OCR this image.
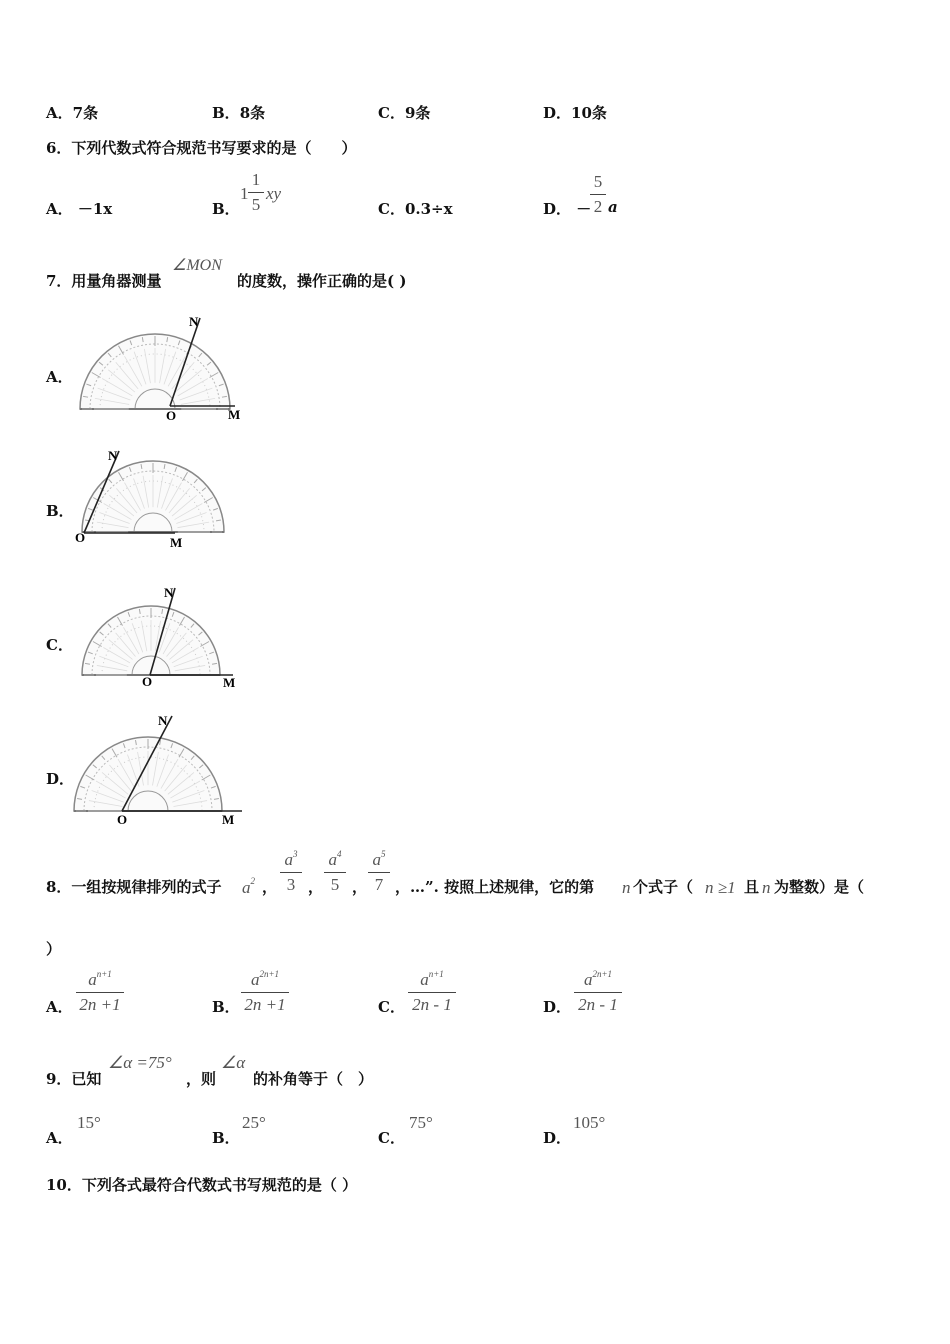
A．7条	B．8条	C．9条	D．10条
6．下列代数式符合规范书写要求的是（　　）
A． －1x	B．
1
1
5
xy
C．0.3÷x	D． －
5
2 a
7．用量角器测量
∠MON
的度数，操作正确的是( )
A．
O	M
N
B．
O	M
N
C．
O	M
N
D．
O	M
N
8．一组按规律排列的式子 $a^2$ ，
$a^3$
3 ，
$a^4$
5 ，
$a^5$
7 ，…”. 按照上述规律，它的第 n 个式子（ n ≥1 且 n 为整数）是（
）
A．
$a^{n+1}$
2n +1	B．
$a^{2n+1}$
2n +1	C．
$a^{n+1}$
2n - 1	D．
$a^{2n+1}$
2n - 1
9．已知
∠α =75°
，则
∠α
的补角等于（　）
A．
15°
B．
25°
C．
75°
D．
105°
10．下列各式最符合代数式书写规范的是（ ）
